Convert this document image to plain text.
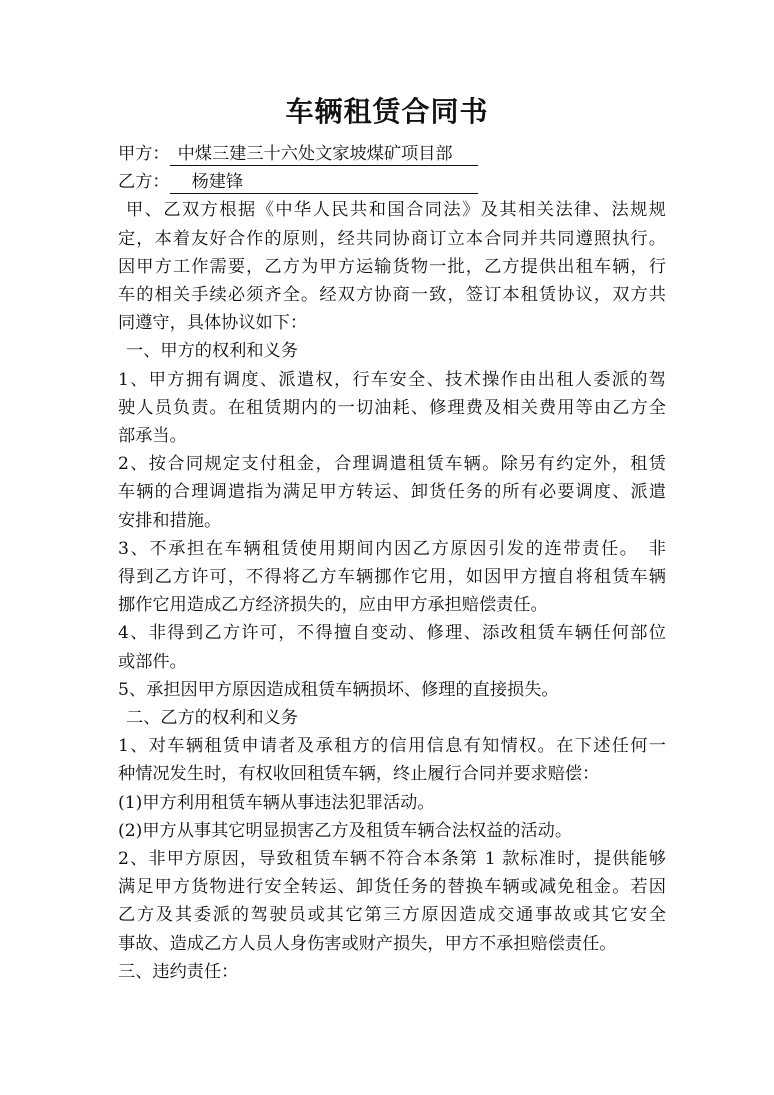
车辆租赁合同书
甲方： 中煤三建三十六处文家坡煤矿项目部
乙方： 杨建锋
甲、乙双方根据《中华人民共和国合同法》及其相关法律、法规规
定，本着友好合作的原则，经共同协商订立本合同并共同遵照执行。
因甲方工作需要，乙方为甲方运输货物一批，乙方提供出租车辆，行
车的相关手续必须齐全。经双方协商一致，签订本租赁协议，双方共
同遵守，具体协议如下：
一、甲方的权利和义务
1、甲方拥有调度、派遣权，行车安全、技术操作由出租人委派的驾
驶人员负责。在租赁期内的一切油耗、修理费及相关费用等由乙方全
部承当。
2、按合同规定支付租金，合理调遣租赁车辆。除另有约定外，租赁
车辆的合理调遣指为满足甲方转运、卸货任务的所有必要调度、派遣
安排和措施。
3、不承担在车辆租赁使用期间内因乙方原因引发的连带责任。　非
得到乙方许可，不得将乙方车辆挪作它用，如因甲方擅自将租赁车辆
挪作它用造成乙方经济损失的，应由甲方承担赔偿责任。
4、非得到乙方许可，不得擅自变动、修理、添改租赁车辆任何部位
或部件。
5、承担因甲方原因造成租赁车辆损坏、修理的直接损失。
二、乙方的权利和义务
1、对车辆租赁申请者及承租方的信用信息有知情权。在下述任何一
种情况发生时，有权收回租赁车辆，终止履行合同并要求赔偿：
(1)甲方利用租赁车辆从事违法犯罪活动。
(2)甲方从事其它明显损害乙方及租赁车辆合法权益的活动。
2、非甲方原因，导致租赁车辆不符合本条第 1 款标准时，提供能够
满足甲方货物进行安全转运、卸货任务的替换车辆或减免租金。若因
乙方及其委派的驾驶员或其它第三方原因造成交通事故或其它安全
事故、造成乙方人员人身伤害或财产损失，甲方不承担赔偿责任。
三、违约责任：
